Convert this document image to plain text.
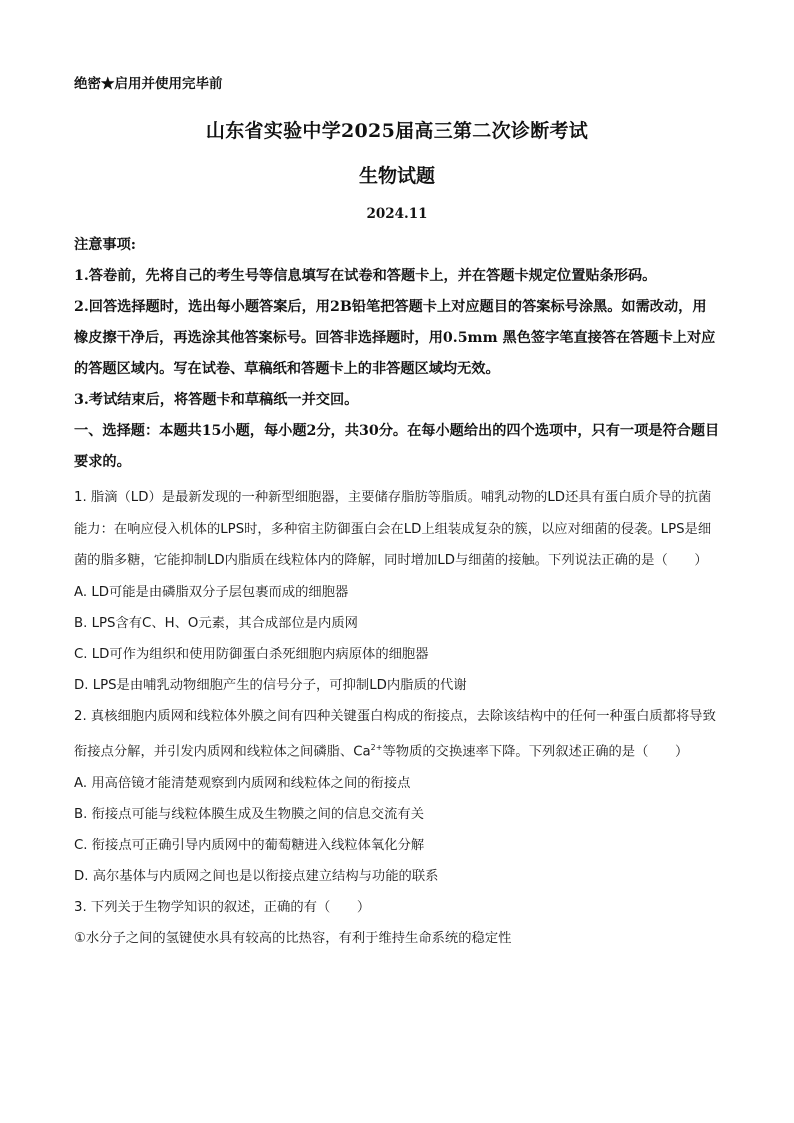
绝密★启用并使用完毕前
山东省实验中学2025届高三第二次诊断考试
生物试题
2024.11
注意事项:
1.答卷前，先将自己的考生号等信息填写在试卷和答题卡上，并在答题卡规定位置贴条形码。
2.回答选择题时，选出每小题答案后，用2B铅笔把答题卡上对应题目的答案标号涂黑。如需改动，用橡皮擦干净后，再选涂其他答案标号。回答非选择题时，用0.5mm 黑色签字笔直接答在答题卡上对应的答题区域内。写在试卷、草稿纸和答题卡上的非答题区域均无效。
3.考试结束后，将答题卡和草稿纸一并交回。
一、选择题：本题共15小题，每小题2分，共30分。在每小题给出的四个选项中，只有一项是符合题目要求的。
1. 脂滴（LD）是最新发现的一种新型细胞器，主要储存脂肪等脂质。哺乳动物的LD还具有蛋白质介导的抗菌能力：在响应侵入机体的LPS时，多种宿主防御蛋白会在LD上组装成复杂的簇，以应对细菌的侵袭。LPS是细菌的脂多糖，它能抑制LD内脂质在线粒体内的降解，同时增加LD与细菌的接触。下列说法正确的是（　　）
A. LD可能是由磷脂双分子层包裹而成的细胞器
B. LPS含有C、H、O元素，其合成部位是内质网
C. LD可作为组织和使用防御蛋白杀死细胞内病原体的细胞器
D. LPS是由哺乳动物细胞产生的信号分子，可抑制LD内脂质的代谢
2. 真核细胞内质网和线粒体外膜之间有四种关键蛋白构成的衔接点，去除该结构中的任何一种蛋白质都将导致衔接点分解，并引发内质网和线粒体之间磷脂、$Ca^{2+}$等物质的交换速率下降。下列叙述正确的是（　　）
A. 用高倍镜才能清楚观察到内质网和线粒体之间的衔接点
B. 衔接点可能与线粒体膜生成及生物膜之间的信息交流有关
C. 衔接点可正确引导内质网中的葡萄糖进入线粒体氧化分解
D. 高尔基体与内质网之间也是以衔接点建立结构与功能的联系
3. 下列关于生物学知识的叙述，正确的有（　　）
①水分子之间的氢键使水具有较高的比热容，有利于维持生命系统的稳定性
